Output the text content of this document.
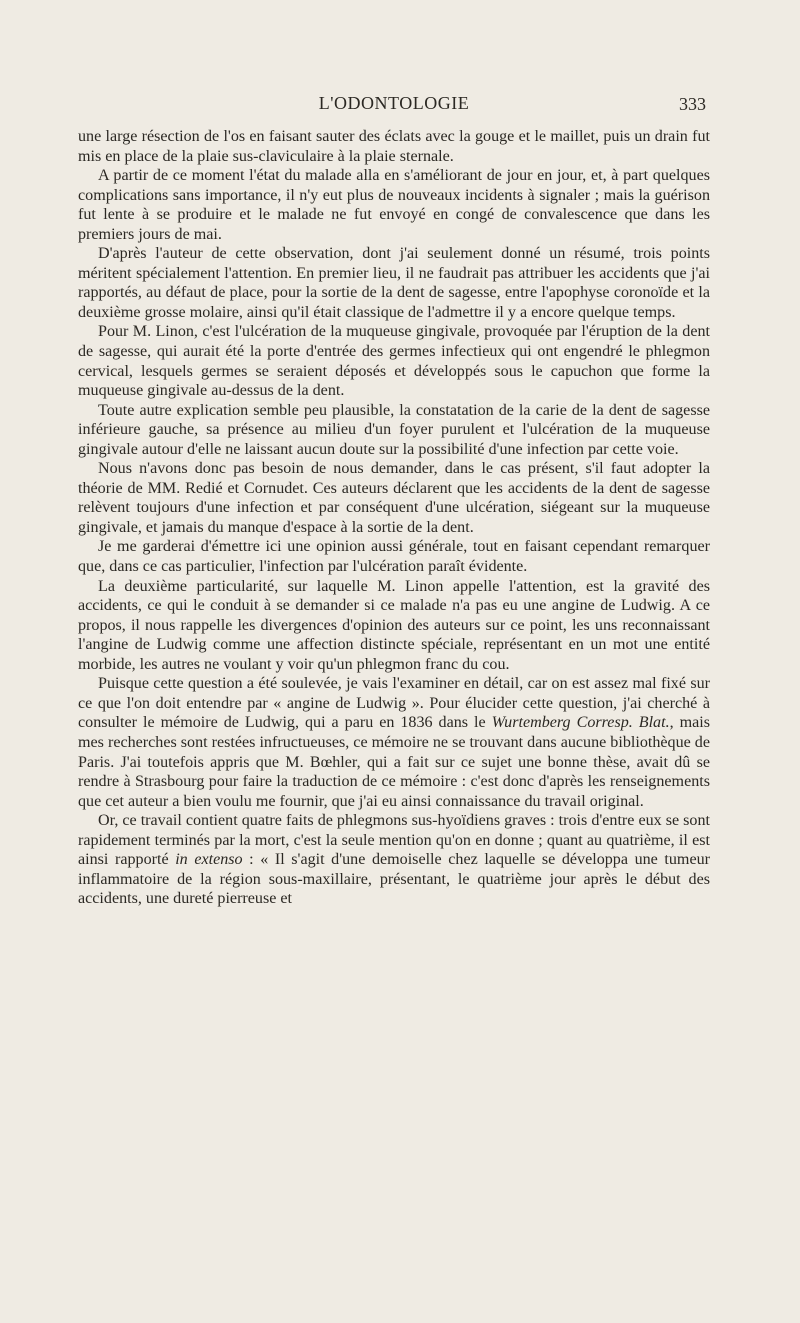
L'ODONTOLOGIE	333

une large résection de l'os en faisant sauter des éclats avec la gouge et le maillet, puis un drain fut mis en place de la plaie sus-claviculaire à la plaie sternale.

A partir de ce moment l'état du malade alla en s'améliorant de jour en jour, et, à part quelques complications sans importance, il n'y eut plus de nouveaux incidents à signaler ; mais la guérison fut lente à se produire et le malade ne fut envoyé en congé de convalescence que dans les premiers jours de mai.

D'après l'auteur de cette observation, dont j'ai seulement donné un résumé, trois points méritent spécialement l'attention. En premier lieu, il ne faudrait pas attribuer les accidents que j'ai rapportés, au défaut de place, pour la sortie de la dent de sagesse, entre l'apophyse coronoïde et la deuxième grosse molaire, ainsi qu'il était classique de l'admettre il y a encore quelque temps.

Pour M. Linon, c'est l'ulcération de la muqueuse gingivale, provoquée par l'éruption de la dent de sagesse, qui aurait été la porte d'entrée des germes infectieux qui ont engendré le phlegmon cervical, lesquels germes se seraient déposés et développés sous le capuchon que forme la muqueuse gingivale au-dessus de la dent.

Toute autre explication semble peu plausible, la constatation de la carie de la dent de sagesse inférieure gauche, sa présence au milieu d'un foyer purulent et l'ulcération de la muqueuse gingivale autour d'elle ne laissant aucun doute sur la possibilité d'une infection par cette voie.

Nous n'avons donc pas besoin de nous demander, dans le cas présent, s'il faut adopter la théorie de MM. Redié et Cornudet. Ces auteurs déclarent que les accidents de la dent de sagesse relèvent toujours d'une infection et par conséquent d'une ulcération, siégeant sur la muqueuse gingivale, et jamais du manque d'espace à la sortie de la dent.

Je me garderai d'émettre ici une opinion aussi générale, tout en faisant cependant remarquer que, dans ce cas particulier, l'infection par l'ulcération paraît évidente.

La deuxième particularité, sur laquelle M. Linon appelle l'attention, est la gravité des accidents, ce qui le conduit à se demander si ce malade n'a pas eu une angine de Ludwig. A ce propos, il nous rappelle les divergences d'opinion des auteurs sur ce point, les uns reconnaissant l'angine de Ludwig comme une affection distincte spéciale, représentant en un mot une entité morbide, les autres ne voulant y voir qu'un phlegmon franc du cou.

Puisque cette question a été soulevée, je vais l'examiner en détail, car on est assez mal fixé sur ce que l'on doit entendre par « angine de Ludwig ». Pour élucider cette question, j'ai cherché à consulter le mémoire de Ludwig, qui a paru en 1836 dans le Wurtemberg Corresp. Blat., mais mes recherches sont restées infructueuses, ce mémoire ne se trouvant dans aucune bibliothèque de Paris. J'ai toutefois appris que M. Bœhler, qui a fait sur ce sujet une bonne thèse, avait dû se rendre à Strasbourg pour faire la traduction de ce mémoire : c'est donc d'après les renseignements que cet auteur a bien voulu me fournir, que j'ai eu ainsi connaissance du travail original.

Or, ce travail contient quatre faits de phlegmons sus-hyoïdiens graves : trois d'entre eux se sont rapidement terminés par la mort, c'est la seule mention qu'on en donne ; quant au quatrième, il est ainsi rapporté in extenso : « Il s'agit d'une demoiselle chez laquelle se développa une tumeur inflammatoire de la région sous-maxillaire, présentant, le quatrième jour après le début des accidents, une dureté pierreuse et
